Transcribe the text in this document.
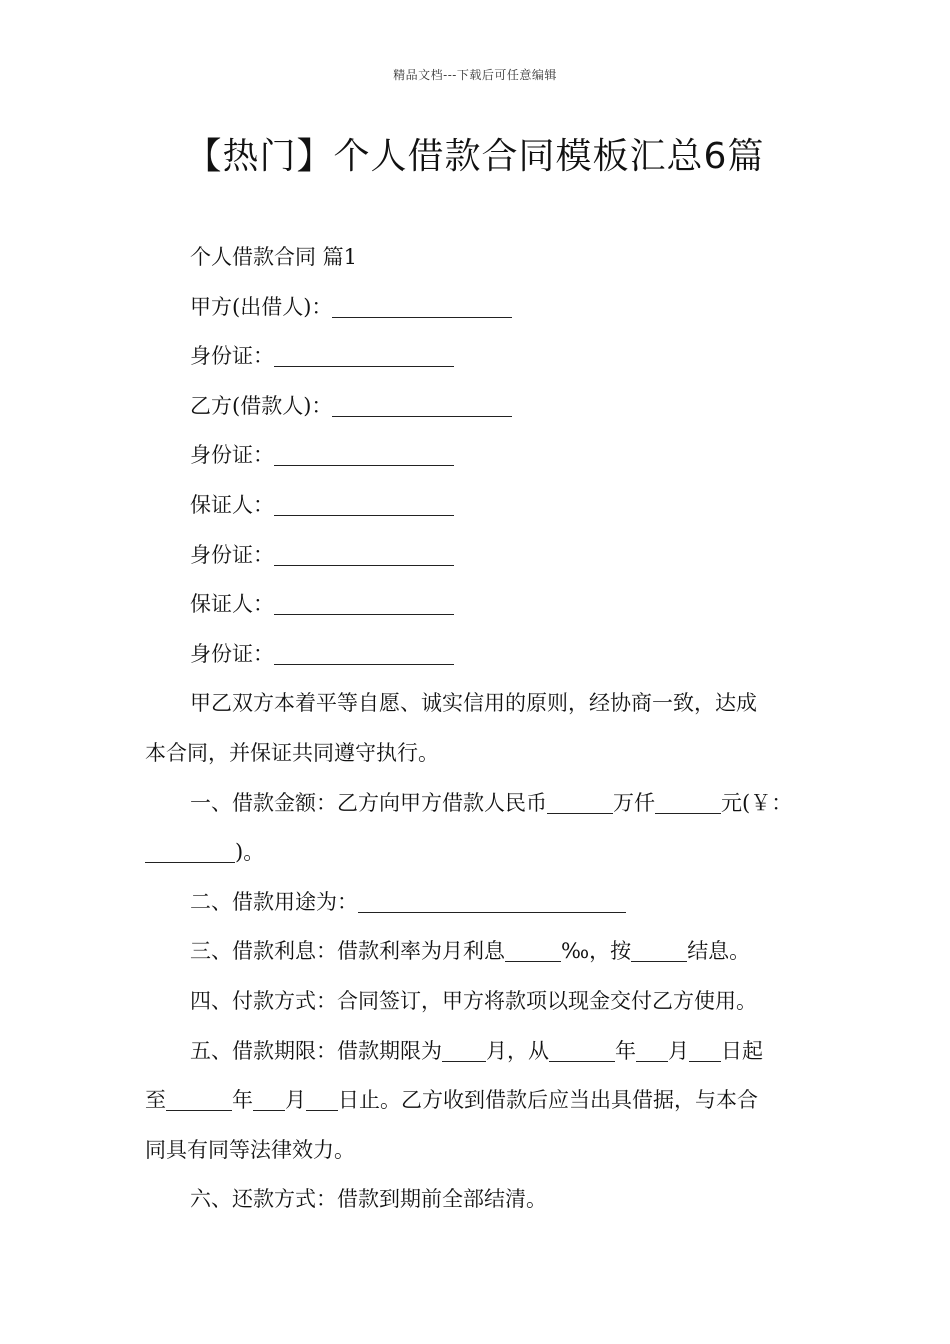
精品文档---下载后可任意编辑
【热门】个人借款合同模板汇总6篇
个人借款合同 篇1
甲方(出借人)：
身份证：
乙方(借款人)：
身份证：
保证人：
身份证：
保证人：
身份证：
甲乙双方本着平等自愿、诚实信用的原则，经协商一致，达成
本合同，并保证共同遵守执行。
一、借款金额：乙方向甲方借款人民币	万仟	元(￥：
)。
二、借款用途为：
三、借款利息：借款利率为月利息	‰，按	结息。
四、付款方式：合同签订，甲方将款项以现金交付乙方使用。
五、借款期限：借款期限为 月，从	年 月 日起
至	年 月 日止。乙方收到借款后应当出具借据，与本合
同具有同等法律效力。
六、还款方式：借款到期前全部结清。
